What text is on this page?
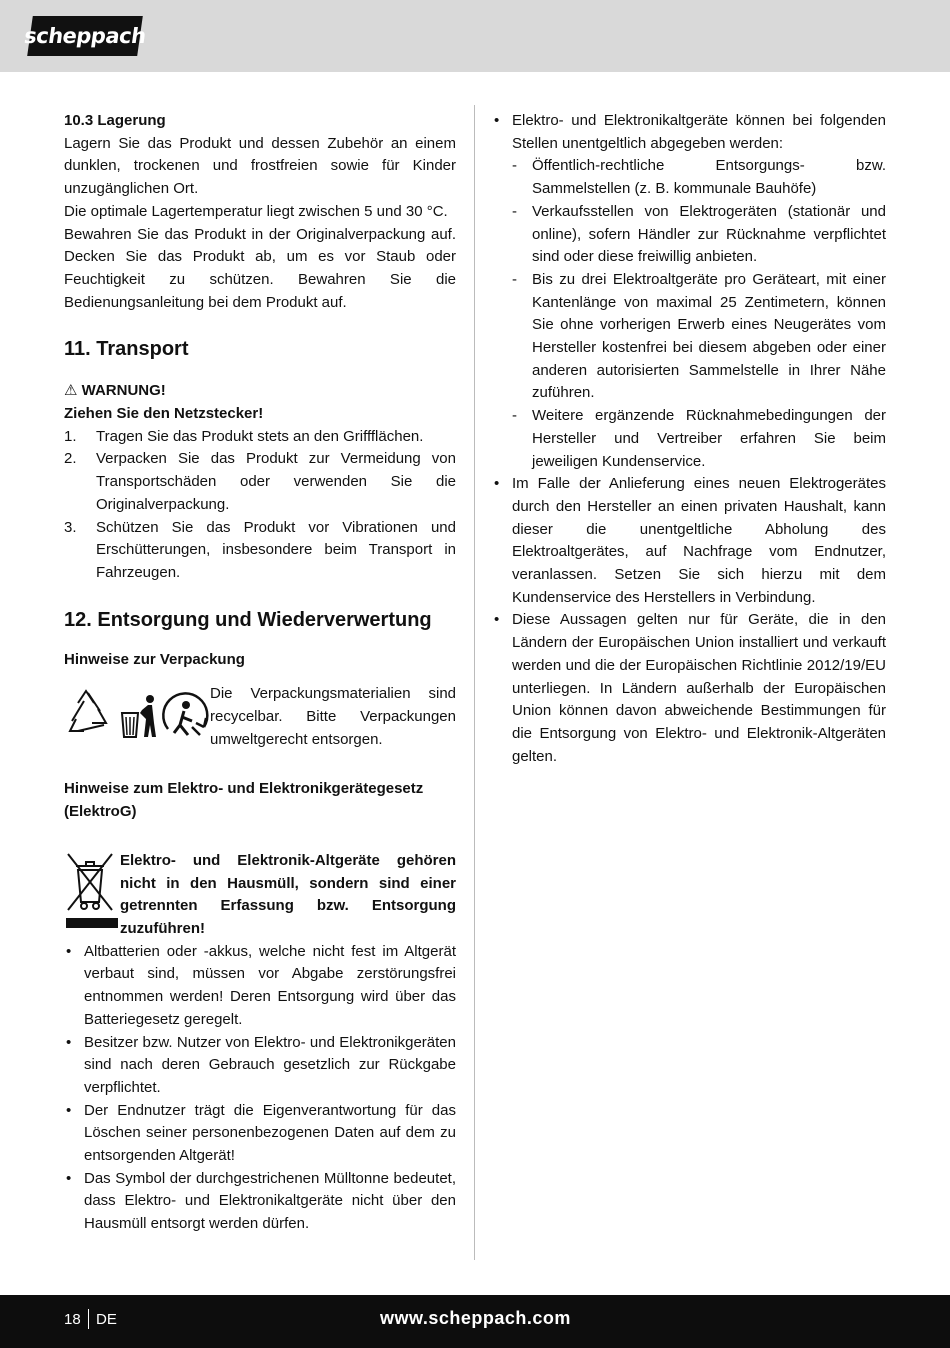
scheppach

10.3 Lagerung

Lagern Sie das Produkt und dessen Zubehör an einem dunklen, trockenen und frostfreien sowie für Kinder unzugänglichen Ort.

Die optimale Lagertemperatur liegt zwischen 5 und 30 °C.

Bewahren Sie das Produkt in der Originalverpackung auf. Decken Sie das Produkt ab, um es vor Staub oder Feuchtigkeit zu schützen. Bewahren Sie die Bedienungsanleitung bei dem Produkt auf.

11. Transport

⚠ WARNUNG!

Ziehen Sie den Netzstecker!

1. Tragen Sie das Produkt stets an den Griffflächen.
2. Verpacken Sie das Produkt zur Vermeidung von Transportschäden oder verwenden Sie die Originalverpackung.
3. Schützen Sie das Produkt vor Vibrationen und Erschütterungen, insbesondere beim Transport in Fahrzeugen.
12. Entsorgung und Wiederverwertung

Hinweise zur Verpackung

Die Verpackungsmaterialien sind recycelbar. Bitte Verpackungen umweltgerecht entsorgen.

Hinweise zum Elektro- und Elektronikgerätegesetz (ElektroG)

Elektro- und Elektronik-Altgeräte gehören nicht in den Hausmüll, sondern sind einer getrennten Erfassung bzw. Entsorgung zuzuführen!

• Altbatterien oder -akkus, welche nicht fest im Altgerät verbaut sind, müssen vor Abgabe zerstörungsfrei entnommen werden! Deren Entsorgung wird über das Batteriegesetz geregelt.
• Besitzer bzw. Nutzer von Elektro- und Elektronikgeräten sind nach deren Gebrauch gesetzlich zur Rückgabe verpflichtet.
• Der Endnutzer trägt die Eigenverantwortung für das Löschen seiner personenbezogenen Daten auf dem zu entsorgenden Altgerät!
• Das Symbol der durchgestrichenen Mülltonne bedeutet, dass Elektro- und Elektronikaltgeräte nicht über den Hausmüll entsorgt werden dürfen.
• Elektro- und Elektronikaltgeräte können bei folgenden Stellen unentgeltlich abgegeben werden:
- Öffentlich-rechtliche Entsorgungs- bzw. Sammelstellen (z. B. kommunale Bauhöfe)
- Verkaufsstellen von Elektrogeräten (stationär und online), sofern Händler zur Rücknahme verpflichtet sind oder diese freiwillig anbieten.
- Bis zu drei Elektroaltgeräte pro Geräteart, mit einer Kantenlänge von maximal 25 Zentimetern, können Sie ohne vorherigen Erwerb eines Neugerätes vom Hersteller kostenfrei bei diesem abgeben oder einer anderen autorisierten Sammelstelle in Ihrer Nähe zuführen.
- Weitere ergänzende Rücknahmebedingungen der Hersteller und Vertreiber erfahren Sie beim jeweiligen Kundenservice.
• Im Falle der Anlieferung eines neuen Elektrogerätes durch den Hersteller an einen privaten Haushalt, kann dieser die unentgeltliche Abholung des Elektroaltgerätes, auf Nachfrage vom Endnutzer, veranlassen. Setzen Sie sich hierzu mit dem Kundenservice des Herstellers in Verbindung.
• Diese Aussagen gelten nur für Geräte, die in den Ländern der Europäischen Union installiert und verkauft werden und die der Europäischen Richtlinie 2012/19/EU unterliegen. In Ländern außerhalb der Europäischen Union können davon abweichende Bestimmungen für die Entsorgung von Elektro- und Elektronik-Altgeräten gelten.
18 DE	www.scheppach.com
